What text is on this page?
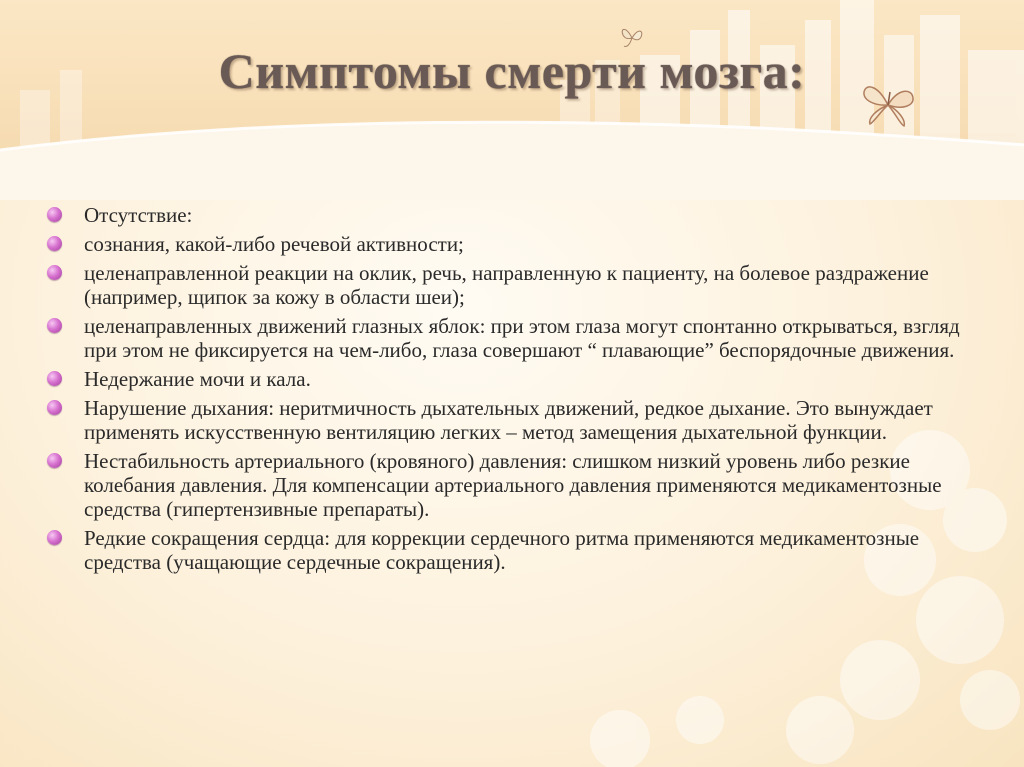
Симптомы смерти мозга:
Отсутствие:
сознания, какой-либо речевой активности;
целенаправленной реакции на оклик, речь, направленную к пациенту, на болевое раздражение (например, щипок за кожу в области шеи);
целенаправленных движений глазных яблок: при этом глаза могут спонтанно открываться, взгляд при этом не фиксируется на чем-либо, глаза совершают “ плавающие” беспорядочные движения.
Недержание мочи и кала.
Нарушение дыхания: неритмичность дыхательных движений, редкое дыхание. Это вынуждает применять искусственную вентиляцию легких – метод замещения дыхательной функции.
Нестабильность артериального (кровяного) давления: слишком низкий уровень либо резкие колебания давления. Для компенсации артериального давления применяются медикаментозные средства (гипертензивные препараты).
Редкие сокращения сердца: для коррекции сердечного ритма применяются медикаментозные средства (учащающие сердечные сокращения).
